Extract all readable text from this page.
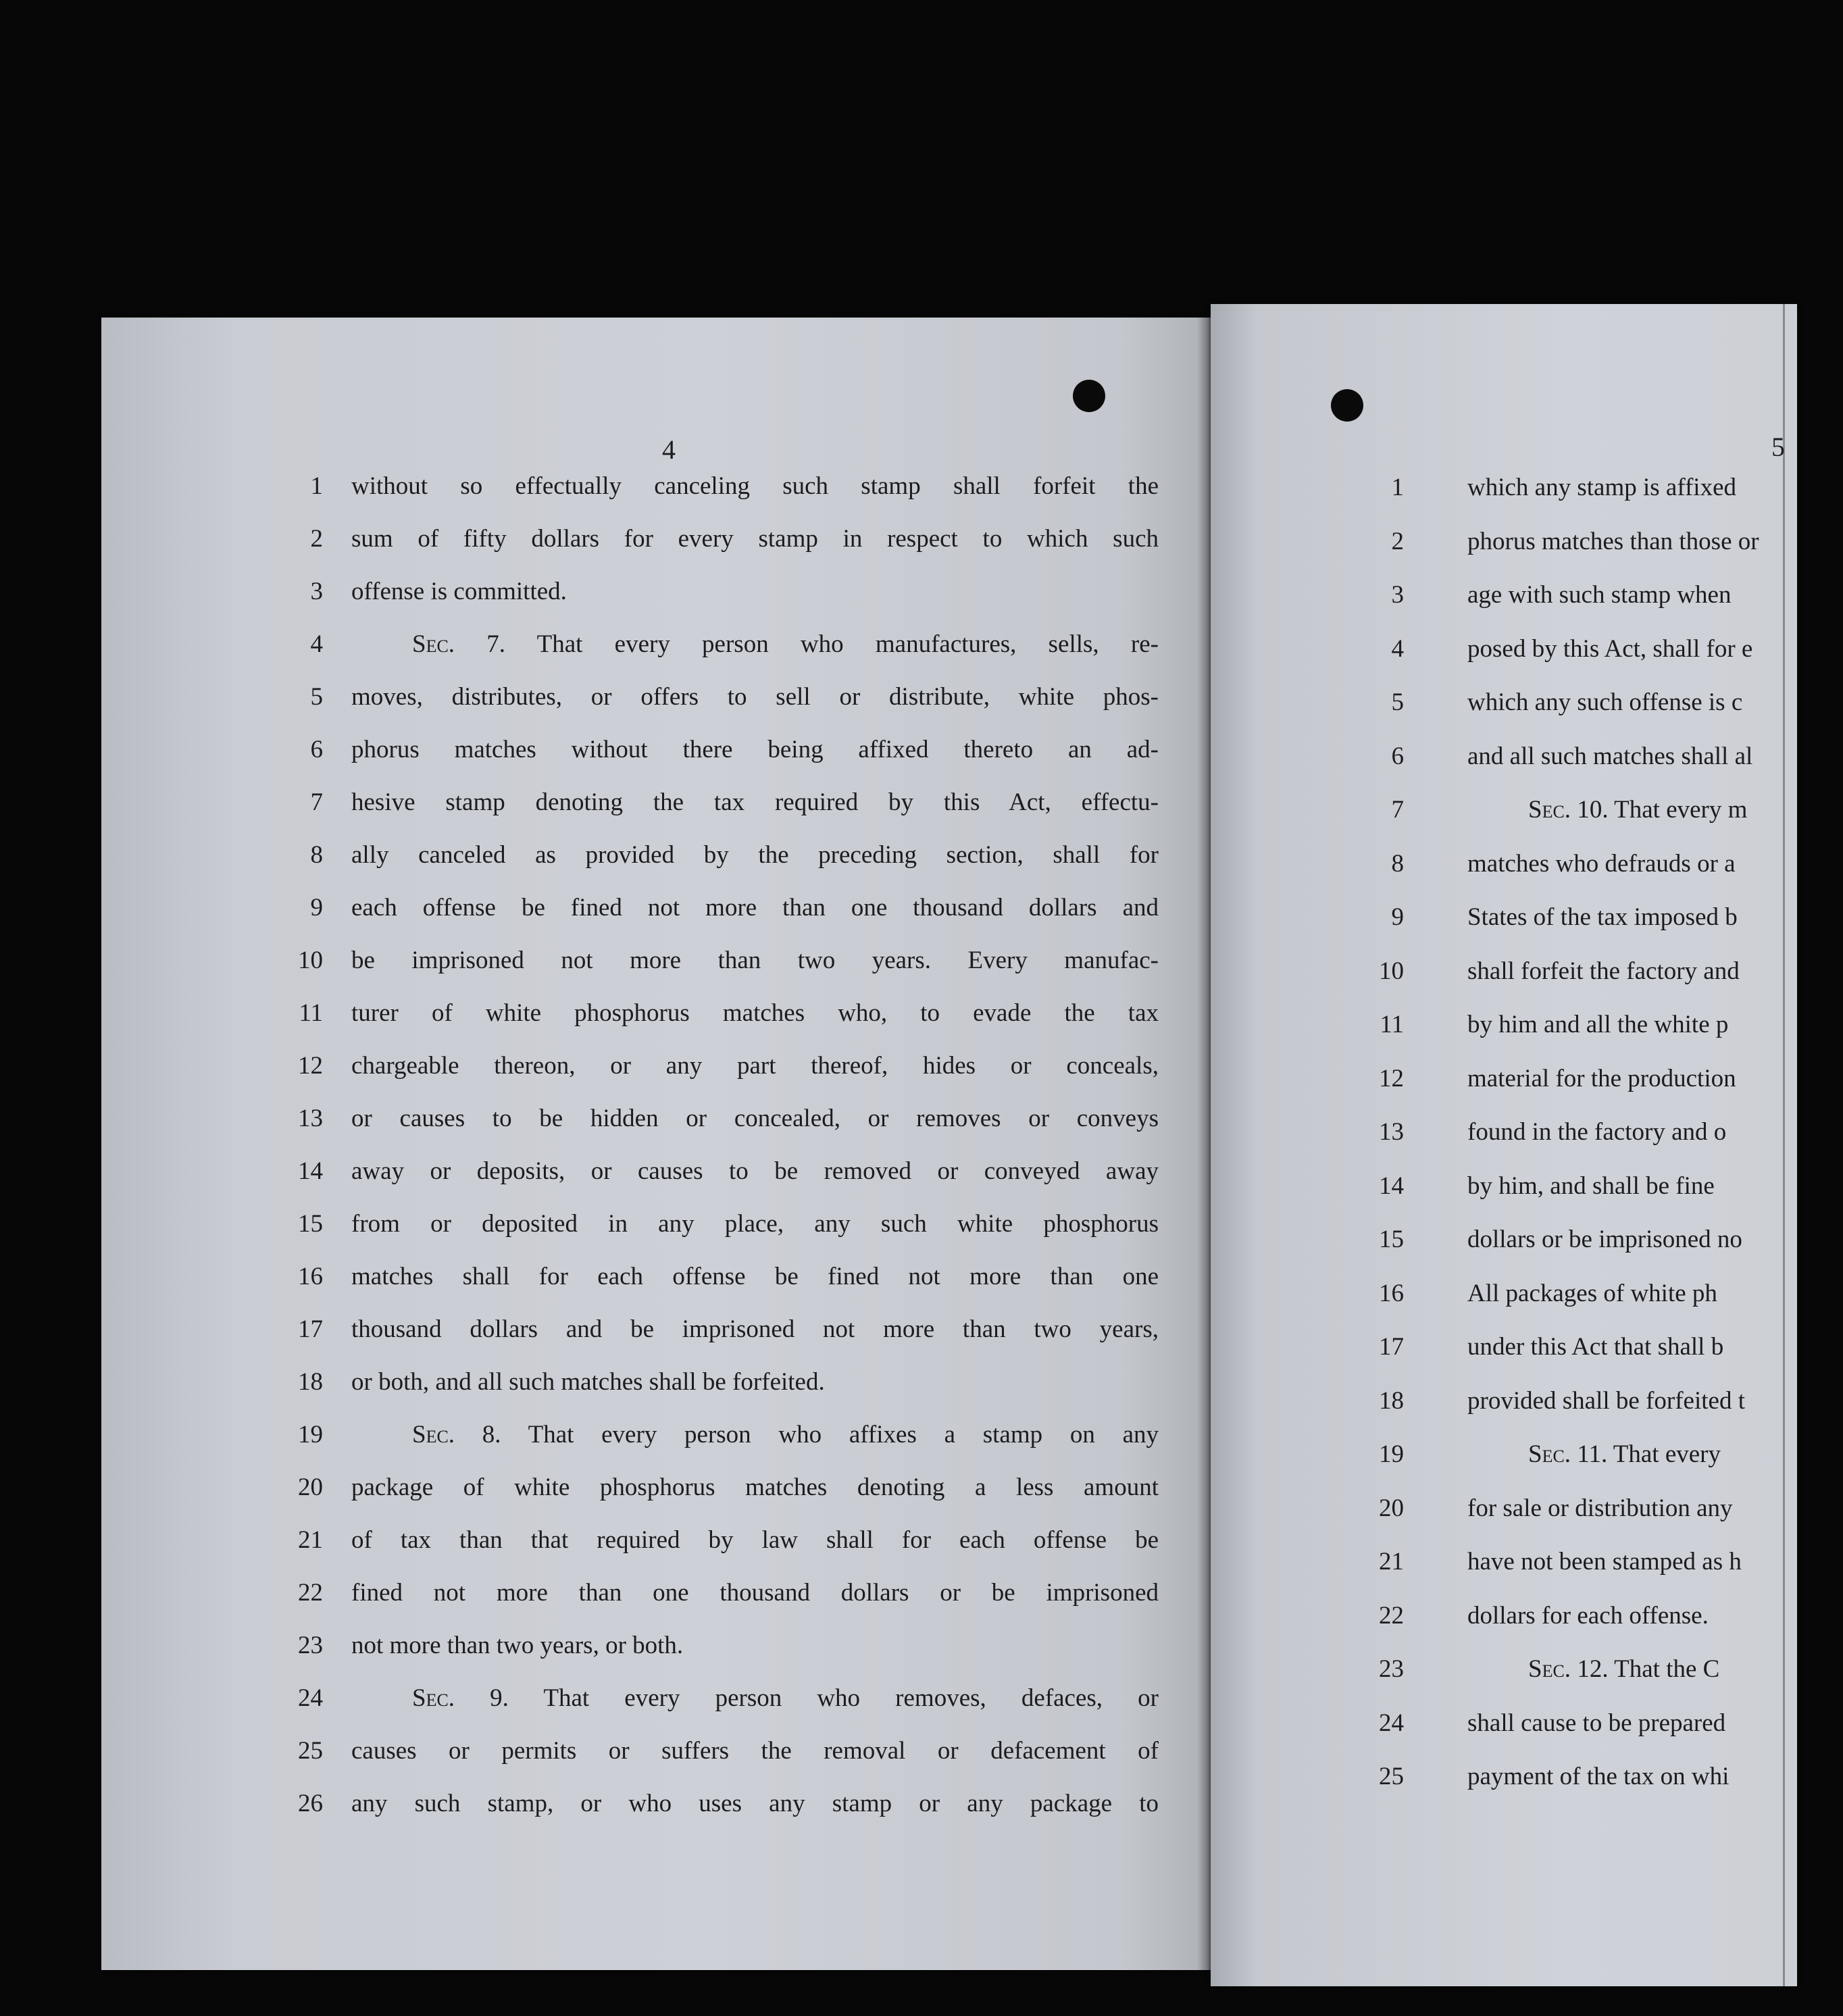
4
1 without so effectually canceling such stamp shall forfeit the
2 sum of fifty dollars for every stamp in respect to which such
3 offense is committed.
4	Sec. 7. That every person who manufactures, sells, re-
5 moves, distributes, or offers to sell or distribute, white phos-
6 phorus matches without there being affixed thereto an ad-
7 hesive stamp denoting the tax required by this Act, effectu-
8 ally canceled as provided by the preceding section, shall for
9 each offense be fined not more than one thousand dollars and
10 be imprisoned not more than two years. Every manufac-
11 turer of white phosphorus matches who, to evade the tax
12 chargeable thereon, or any part thereof, hides or conceals,
13 or causes to be hidden or concealed, or removes or conveys
14 away or deposits, or causes to be removed or conveyed away
15 from or deposited in any place, any such white phosphorus
16 matches shall for each offense be fined not more than one
17 thousand dollars and be imprisoned not more than two years,
18 or both, and all such matches shall be forfeited.
19	Sec. 8. That every person who affixes a stamp on any
20 package of white phosphorus matches denoting a less amount
21 of tax than that required by law shall for each offense be
22 fined not more than one thousand dollars or be imprisoned
23 not more than two years, or both.
24	Sec. 9. That every person who removes, defaces, or
25 causes or permits or suffers the removal or defacement of
26 any such stamp, or who uses any stamp or any package to
5
1	which any stamp is affixed
2	phorus matches than those or
3	age with such stamp when
4	posed by this Act, shall for e
5	which any such offense is c
6	and all such matches shall al
7	Sec. 10. That every m
8	matches who defrauds or a
9	States of the tax imposed b
10	shall forfeit the factory and
11	by him and all the white p
12	material for the production
13	found in the factory and o
14	by him, and shall be fine
15	dollars or be imprisoned no
16	All packages of white ph
17	under this Act that shall b
18	provided shall be forfeited t
19	Sec. 11. That every
20	for sale or distribution any
21	have not been stamped as h
22	dollars for each offense.
23	Sec. 12. That the C
24	shall cause to be prepared
25	payment of the tax on whi
